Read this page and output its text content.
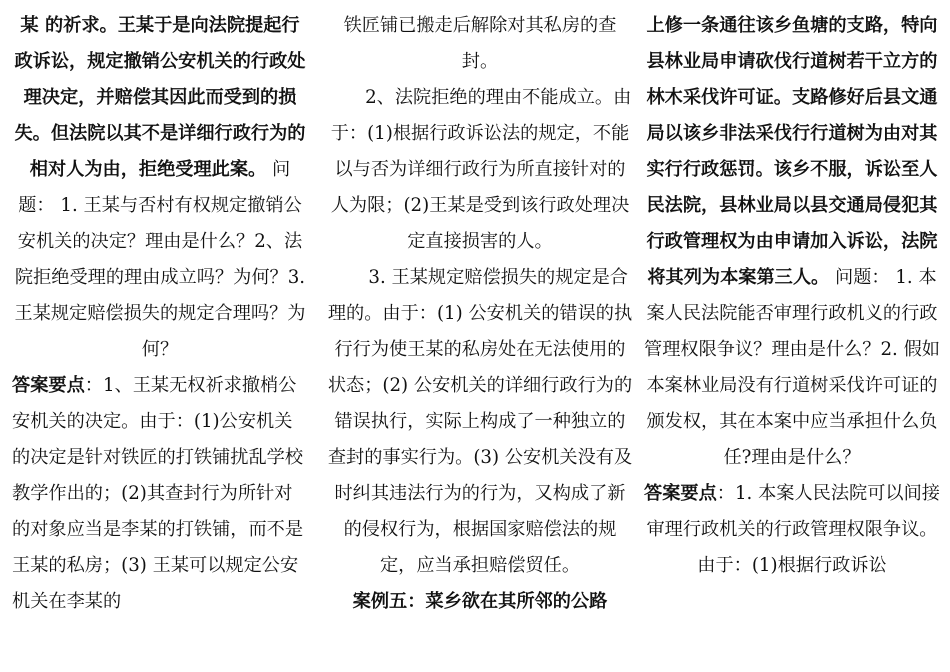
某 的祈求。王某于是向法院提起行政诉讼，规定撤销公安机关的行政处理决定，并赔偿其因此而受到的损失。但法院以其不是详细行政行为的相对人为由，拒绝受理此案。 问题： 1. 王某与否村有权规定撤销公安机关的决定？理由是什么？2、法院拒绝受理的理由成立吗？为何？3. 王某规定赔偿损失的规定合理吗？为何？

答案要点：1、王某无权祈求撤梢公安机关的决定。由于：(1)公安机关的决定是针对铁匠的打铁铺扰乱学校教学作出的；(2)其查封行为所针对的对象应当是李某的打铁铺，而不是王某的私房；(3) 王某可以规定公安机关在李某的

铁匠铺已搬走后解除对其私房的查封。

2、法院拒绝的理由不能成立。由于：(1)根据行政诉讼法的规定，不能以与否为详细行政行为所直接针对的人为限；(2)王某是受到该行政处理决定直接损害的人。

3. 王某规定赔偿损失的规定是合理的。由于：(1) 公安机关的错误的执行行为使王某的私房处在无法使用的状态；(2) 公安机关的详细行政行为的错误执行，实际上构成了一种独立的查封的事实行为。(3) 公安机关没有及时纠其违法行为的行为，又构成了新的侵权行为，根据国家赔偿法的规定，应当承担赔偿贸任。

案例五：菜乡欲在其所邻的公路

上修一条通往该乡鱼塘的支路，特向县林业局申请砍伐行道树若干立方的林木采伐许可证。支路修好后县文通局以该乡非法采伐行行道树为由对其实行行政惩罚。该乡不服，诉讼至人民法院，县林业局以县交通局侵犯其行政管理权为由申请加入诉讼，法院将其列为本案第三人。 问题： 1. 本案人民法院能否审理行政机义的行政管理权限争议？理由是什么？2. 假如本案林业局没有行道树采伐许可证的颁发权，其在本案中应当承担什么负任?理由是什么？

答案要点：1. 本案人民法院可以间接审理行政机关的行政管理权限争议。由于：(1)根据行政诉讼
